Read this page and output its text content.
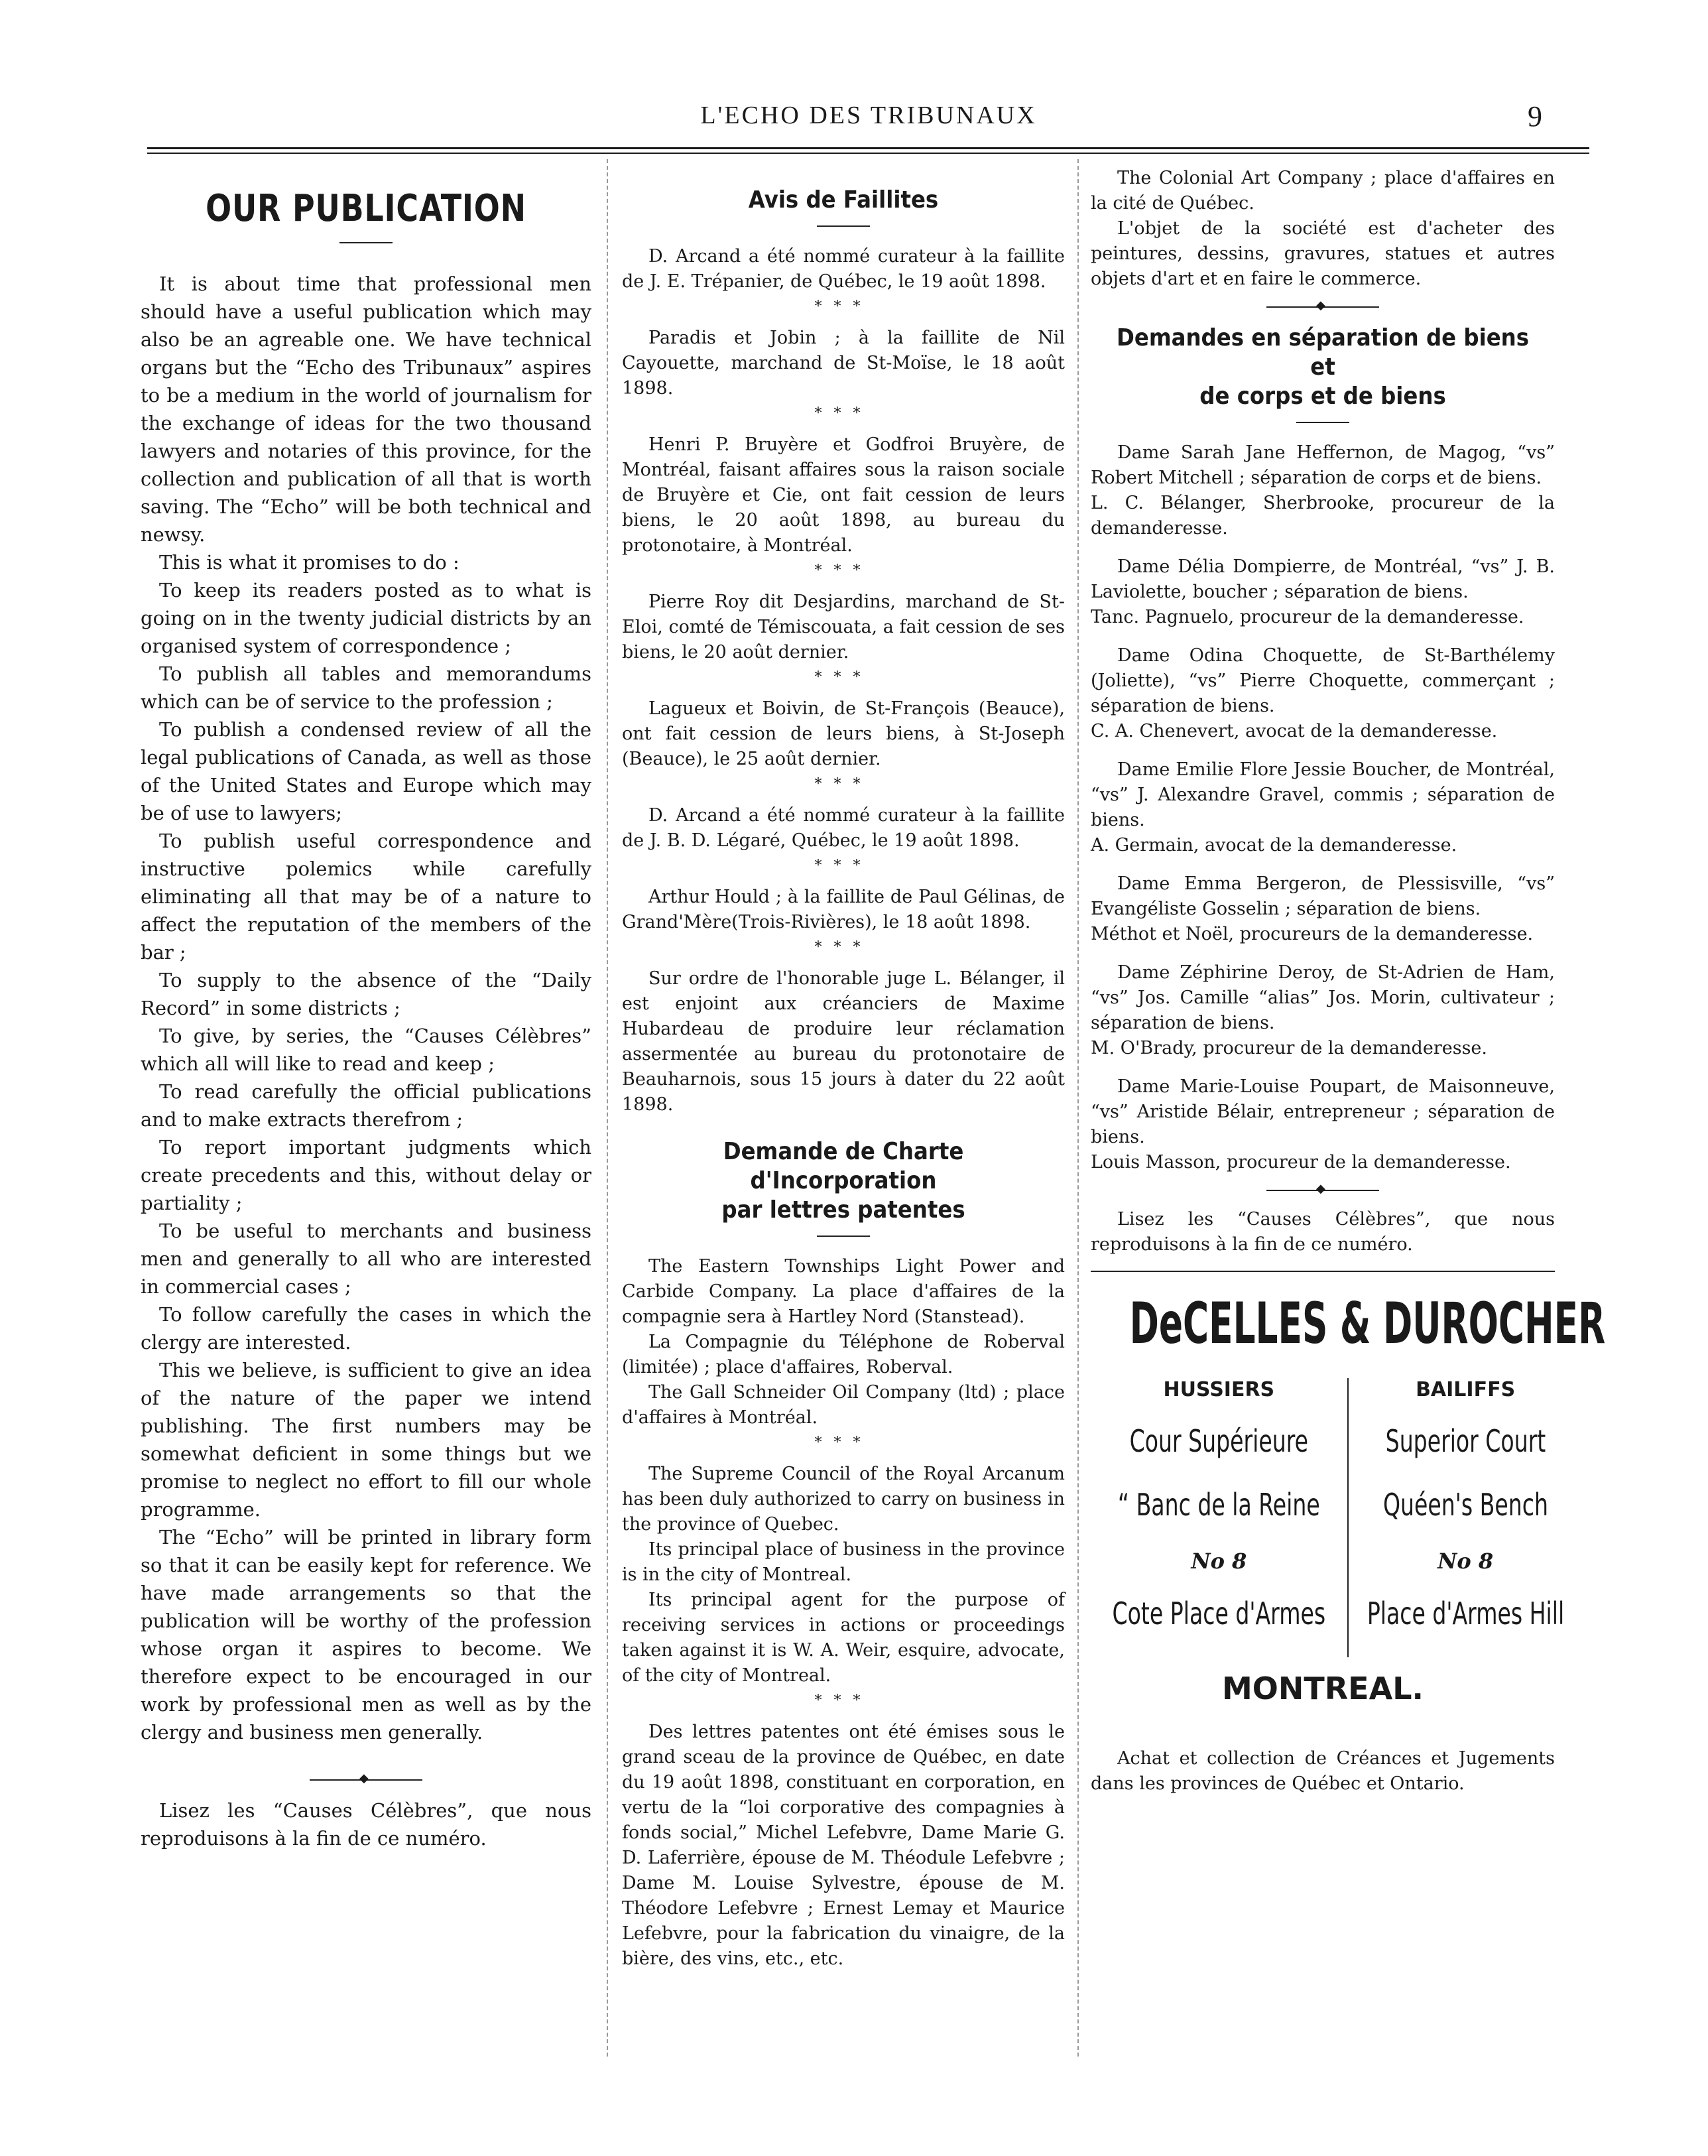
L'ECHO DES TRIBUNAUX	9
OUR PUBLICATION

It is about time that professional men should have a useful publication which may also be an agreable one. We have technical organs but the “Echo des Tribunaux” aspires to be a medium in the world of journalism for the exchange of ideas for the two thousand lawyers and notaries of this province, for the collection and publication of all that is worth saving. The “Echo” will be both technical and newsy.

This is what it promises to do :

To keep its readers posted as to what is going on in the twenty judicial districts by an organised system of correspondence ;

To publish all tables and memorandums which can be of service to the profession ;

To publish a condensed review of all the legal publications of Canada, as well as those of the United States and Europe which may be of use to lawyers;

To publish useful correspondence and instructive polemics while carefully eliminating all that may be of a nature to affect the reputation of the members of the bar ;

To supply to the absence of the “Daily Record” in some districts ;

To give, by series, the “Causes Célèbres” which all will like to read and keep ;

To read carefully the official publications and to make extracts therefrom ;

To report important judgments which create precedents and this, without delay or partiality ;

To be useful to merchants and business men and generally to all who are interested in commercial cases ;

To follow carefully the cases in which the clergy are interested.

This we believe, is sufficient to give an idea of the nature of the paper we intend publishing. The first numbers may be somewhat deficient in some things but we promise to neglect no effort to fill our whole programme.

The “Echo” will be printed in library form so that it can be easily kept for reference. We have made arrangements so that the publication will be worthy of the profession whose organ it aspires to become. We therefore expect to be encouraged in our work by professional men as well as by the clergy and business men generally.

◆

Lisez les “Causes Célèbres”, que nous reproduisons à la fin de ce numéro.

Avis de Faillites

D. Arcand a été nommé curateur à la faillite de J. E. Trépanier, de Québec, le 19 août 1898.

***

Paradis et Jobin ; à la faillite de Nil Cayouette, marchand de St-Moïse, le 18 août 1898.

***

Henri P. Bruyère et Godfroi Bruyère, de Montréal, faisant affaires sous la raison sociale de Bruyère et Cie, ont fait cession de leurs biens, le 20 août 1898, au bureau du protonotaire, à Montréal.

***

Pierre Roy dit Desjardins, marchand de St-Eloi, comté de Témiscouata, a fait cession de ses biens, le 20 août dernier.

***

Lagueux et Boivin, de St-François (Beauce), ont fait cession de leurs biens, à St-Joseph (Beauce), le 25 août dernier.

***

D. Arcand a été nommé curateur à la faillite de J. B. D. Légaré, Québec, le 19 août 1898.

***

Arthur Hould ; à la faillite de Paul Gélinas, de Grand'Mère(Trois-Rivières), le 18 août 1898.

***

Sur ordre de l'honorable juge L. Bélanger, il est enjoint aux créanciers de Maxime Hubardeau de produire leur réclamation assermentée au bureau du protonotaire de Beauharnois, sous 15 jours à dater du 22 août 1898.

Demande de Charte d'Incorporation
par lettres patentes

The Eastern Townships Light Power and Carbide Company. La place d'affaires de la compagnie sera à Hartley Nord (Stanstead).

La Compagnie du Téléphone de Roberval (limitée) ; place d'affaires, Roberval.

The Gall Schneider Oil Company (ltd) ; place d'affaires à Montréal.

***

The Supreme Council of the Royal Arcanum has been duly authorized to carry on business in the province of Quebec.

Its principal place of business in the province is in the city of Montreal.

Its principal agent for the purpose of receiving services in actions or proceedings taken against it is W. A. Weir, esquire, advocate, of the city of Montreal.

***

Des lettres patentes ont été émises sous le grand sceau de la province de Québec, en date du 19 août 1898, constituant en corporation, en vertu de la “loi corporative des compagnies à fonds social,” Michel Lefebvre, Dame Marie G. D. Laferrière, épouse de M. Théodule Lefebvre ; Dame M. Louise Sylvestre, épouse de M. Théodore Lefebvre ; Ernest Lemay et Maurice Lefebvre, pour la fabrication du vinaigre, de la bière, des vins, etc., etc.

The Colonial Art Company ; place d'affaires en la cité de Québec.

L'objet de la société est d'acheter des peintures, dessins, gravures, statues et autres objets d'art et en faire le commerce.

◆
Demandes en séparation de biens et
de corps et de biens

Dame Sarah Jane Heffernon, de Magog, “vs” Robert Mitchell ; séparation de corps et de biens.

L. C. Bélanger, Sherbrooke, procureur de la demanderesse.

Dame Délia Dompierre, de Montréal, “vs” J. B. Laviolette, boucher ; séparation de biens.

Tanc. Pagnuelo, procureur de la demanderesse.

Dame Odina Choquette, de St-Barthélemy (Joliette), “vs” Pierre Choquette, commerçant ; séparation de biens.

C. A. Chenevert, avocat de la demanderesse.

Dame Emilie Flore Jessie Boucher, de Montréal, “vs” J. Alexandre Gravel, commis ; séparation de biens.

A. Germain, avocat de la demanderesse.

Dame Emma Bergeron, de Plessisville, “vs” Evangéliste Gosselin ; séparation de biens.

Méthot et Noël, procureurs de la demanderesse.

Dame Zéphirine Deroy, de St-Adrien de Ham, “vs” Jos. Camille “alias” Jos. Morin, cultivateur ; séparation de biens.

M. O'Brady, procureur de la demanderesse.

Dame Marie-Louise Poupart, de Maisonneuve, “vs” Aristide Bélair, entrepreneur ; séparation de biens.

Louis Masson, procureur de la demanderesse.

◆

Lisez les “Causes Célèbres”, que nous reproduisons à la fin de ce numéro.

DeCELLES & DUROCHER
HUSSIERS
Cour Supérieure
“ Banc de la Reine
No 8
Cote Place d'Armes
BAILIFFS
Superior Court
Quéen's Bench
No 8
Place d'Armes Hill
MONTREAL.

Achat et collection de Créances et Jugements dans les provinces de Québec et Ontario.
